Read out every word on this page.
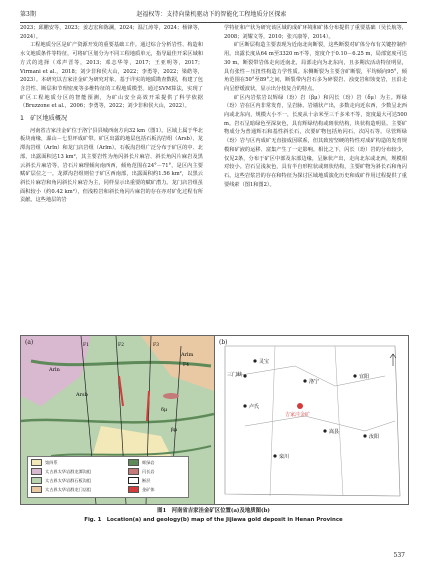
第3期	赵福权等：支持向量机驱动下的智能化工程地质分区探索

2023；邱鹏安等，2023；姜志宏和陈澜，2024；温江涛等，2024；杨锋等，2024）。

工程地质分区是矿产资源开发的重要基础工作。通过综合分析岩性、构造和水文地质条件等特征，可将矿区划分为不同工程地质单元，指导最佳开采区域和方式的选择（邓声晋等，2013；邓志华等，2017；王亚明等，2017；Virmani et al.，2018；刘少非和侯大山，2022；李勇等，2022；梁皓等，2023）。本研究以吉家洼金矿为研究对象，基于详实的地质勘查数据，构建了包含岩性、断层和节理密度等多维特征的工程地质模型。通过SVM算法，实现了矿区工程地质分区的智能预测，为矿山安全高效开采提供了科学依据（Bruzzone et al.，2006；李勇等，2022；刘少非和侯大山，2022）。

1　矿区地质概况

河南省吉家洼金矿位于洛宁县县城西南方向32 km（图1）。区域上属于华北板块南缘，瀑山－七里坪成矿带。矿区出露的地层包括石板沟岩组（Arsb）、龙潭沟岩组（Arln）和龙门店岩组（Arlm）。石板沟岩组广泛分布于矿区的中、北部，出露面积达13 km²，其主要岩性为角闪斜长片麻岩、斜长角闪片麻岩及黑云斜长片麻岩等，岩石片麻理倾向南西西，倾角范围在24°－71°，是区内主要赋矿层位之一。龙潭沟岩组则位于矿区西南部，出露面积约1.56 km²，以黑云斜长片麻岩和角闪斜长片麻岩为主，同样显示出重要的赋矿潜力。龙门店岩组虽面积较小（约0.42 km²），但浅粒岩和斜长角闪片麻岩的存在亦对矿化过程有所贡献。这些地层的岩

学特征和产状为研究该区域的成矿环境和矿体分布提供了重要基础（吴长航等，2008；刘耀文等，2010；张兴康等，2014）。

矿区断层构造主要表现为近南北向断裂，这些断裂对矿体分布有关键控制作用。出露长度从64 m至3320 m不等，宽度介于0.10－6.25 m，局部宽度可达30 m。断裂带岩体走向近南北，局部走向为北东向，且多期次活动特征明显，具有张性－压扭性构造力学性质。东侧断裂为主要含矿断裂，平均倾向95°，倾角范围在50°至89°之间，断裂带内岩石多为碎裂岩、浊变岩和蚀变岩，且沿走向呈舒缓波状，显示出分枝复合的特点。

矿区内岩浆岩以辉绿（玢）岩（βμ）和闪长（玢）岩（δμ）为主。辉绿（玢）岩在区内非常发育，呈岩脉、岩墙状产出，多数走向近东西，少数呈北西向或北东向，规模大小不一，长度从十余米至三千多米不等，宽度最大可达500 m。岩石呈暗绿色至深灰色，具有辉绿结构或斑状结构，块状构造明显。主要矿物成分为普通辉石和基性斜长石，次要矿物包括角闪石、次闪石等。尽管辉绿（玢）岩与区内成矿无直接成因联系，但其致密坚硬的特性对成矿构造的发育规模和矿液的运移、富集产生了一定影响。相比之下，闪长（玢）岩的分布较少，仅见2条，分布于矿区中部及东部边缘，呈脉状产出，走向北东或北西，规模相对较小。岩石呈浅灰色，具有半自形粒状或斑状结构，主要矿物为斜长石和角闪石。这些岩浆岩的存在和特征为探讨区域地质演化历史和成矿作用过程提供了重要线索（图1和图2）。

Arln
Arsb
Arlm
δμ
βμ
F1	F2	F3
F4
(a)
第四系
太古界太华岩群龙潭沟组
太古界太华岩群石板沟组
太古界太华岩群龙门店组
辉绿岩
闪长岩
断层
金矿体
洛宁
宜阳
嵩县
汝阳
栾川
卢氏
灵宝
三门峡
吉家洼金矿
(b)
图1　河南省吉家洼金矿区位置(a)及地质图(b)
Fig. 1　Location(a) and geology(b) map of the Jijiawa gold deposit in Henan Province
537
